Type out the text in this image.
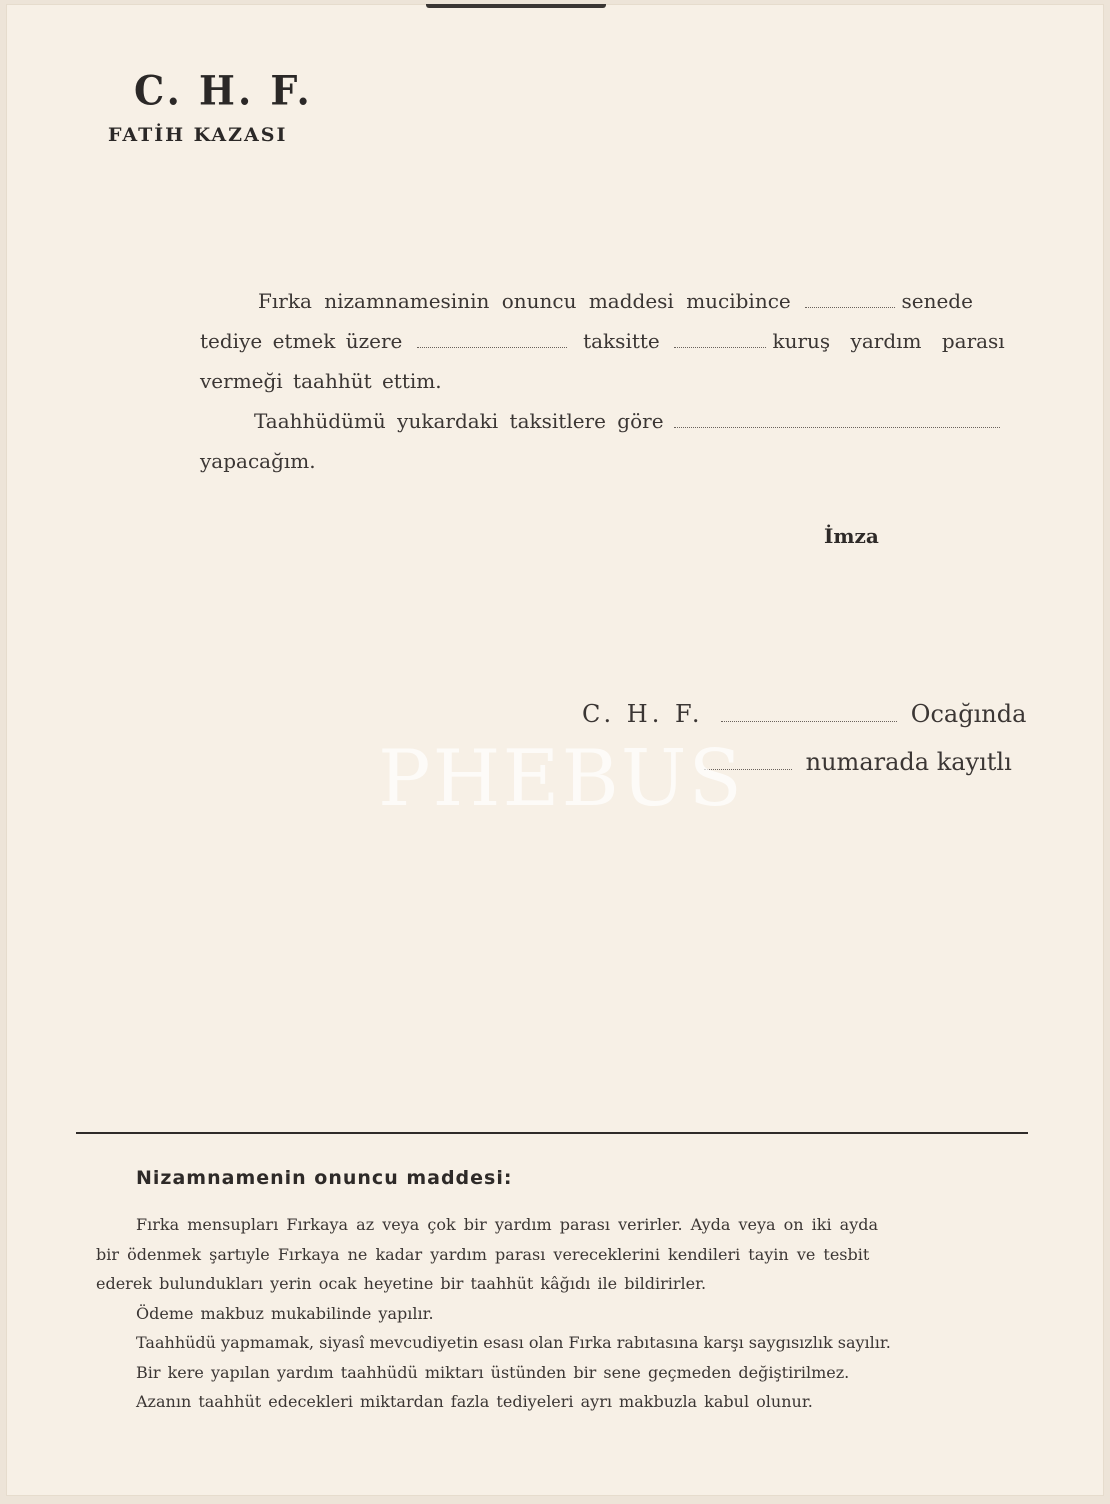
C. H. F.
FATİH KAZASI
Fırka nizamnamesinin onuncu maddesi mucibince	senede
tediye etmek üzere	taksitte	kuruş yardım parası
vermeği taahhüt ettim.
Taahhüdümü yukardaki taksitlere göre
yapacağım.
İmza
C. H. F.	Ocağında
numarada kayıtlı
PHEBUS
Nizamnamenin onuncu maddesi:
Fırka mensupları Fırkaya az veya çok bir yardım parası verirler. Ayda veya on iki ayda
bir ödenmek şartıyle Fırkaya ne kadar yardım parası vereceklerini kendileri tayin ve tesbit
ederek bulundukları yerin ocak heyetine bir taahhüt kâğıdı ile bildirirler.
Ödeme makbuz mukabilinde yapılır.
Taahhüdü yapmamak, siyasî mevcudiyetin esası olan Fırka rabıtasına karşı saygısızlık sayılır.
Bir kere yapılan yardım taahhüdü miktarı üstünden bir sene geçmeden değiştirilmez.
Azanın taahhüt edecekleri miktardan fazla tediyeleri ayrı makbuzla kabul olunur.
